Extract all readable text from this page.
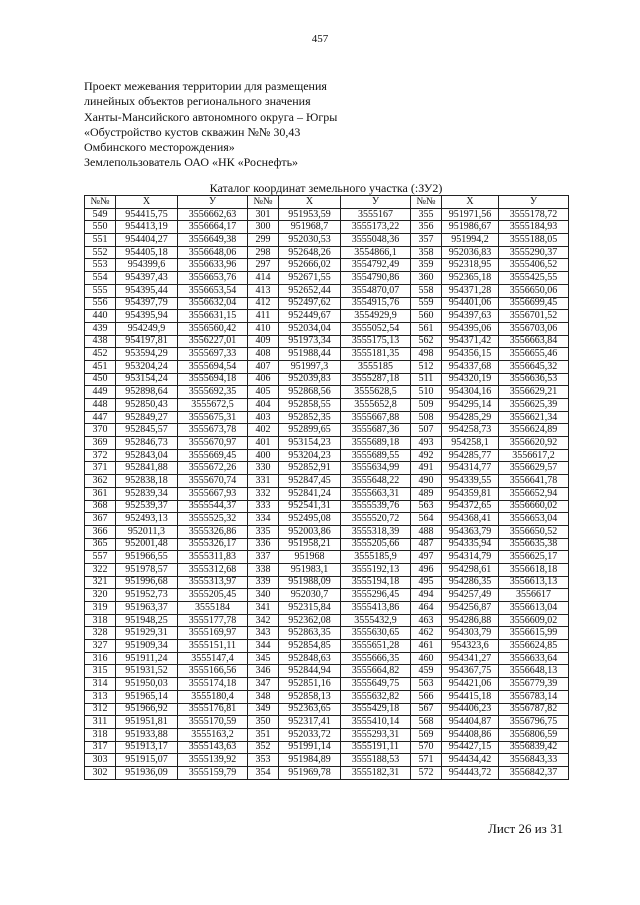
457
Проект межевания территории для размещения
линейных объектов регионального значения
Ханты-Мансийского автономного округа – Югры
«Обустройство кустов скважин №№ 30,43
Омбинского месторождения»
Землепользователь ОАО «НК «Роснефть»
Каталог координат земельного участка (:ЗУ2)
№№	X	У	№№	X	У	№№	X	У
549	954415,75	3556662,63	301	951953,59	3555167	355	951971,56	3555178,72
550	954413,19	3556664,17	300	951968,7	3555173,22	356	951986,67	3555184,93
551	954404,27	3556649,38	299	952030,53	3555048,36	357	951994,2	3555188,05
552	954405,18	3556648,06	298	952648,26	3554866,1	358	952036,83	3555290,37
553	954399,6	3556633,96	297	952666,02	3554792,49	359	952318,95	3555406,52
554	954397,43	3556653,76	414	952671,55	3554790,86	360	952365,18	3555425,55
555	954395,44	3556653,54	413	952652,44	3554870,07	558	954371,28	3556650,06
556	954397,79	3556632,04	412	952497,62	3554915,76	559	954401,06	3556699,45
440	954395,94	3556631,15	411	952449,67	3554929,9	560	954397,63	3556701,52
439	954249,9	3556560,42	410	952034,04	3555052,54	561	954395,06	3556703,06
438	954197,81	3556227,01	409	951973,34	3555175,13	562	954371,42	3556663,84
452	953594,29	3555697,33	408	951988,44	3555181,35	498	954356,15	3556655,46
451	953204,24	3555694,54	407	951997,3	3555185	512	954337,68	3556645,32
450	953154,24	3555694,18	406	952039,83	3555287,18	511	954320,19	3556636,53
449	952898,64	3555692,35	405	952868,56	3555628,5	510	954304,16	3556629,21
448	952850,43	3555672,5	404	952858,55	3555652,8	509	954295,14	3556625,39
447	952849,27	3555675,31	403	952852,35	3555667,88	508	954285,29	3556621,34
370	952845,57	3555673,78	402	952899,65	3555687,36	507	954258,73	3556624,89
369	952846,73	3555670,97	401	953154,23	3555689,18	493	954258,1	3556620,92
372	952843,04	3555669,45	400	953204,23	3555689,55	492	954285,77	3556617,2
371	952841,88	3555672,26	330	952852,91	3555634,99	491	954314,77	3556629,57
362	952838,18	3555670,74	331	952847,45	3555648,22	490	954339,55	3556641,78
361	952839,34	3555667,93	332	952841,24	3555663,31	489	954359,81	3556652,94
368	952539,37	3555544,37	333	952541,31	3555539,76	563	954372,65	3556660,02
367	952493,13	3555525,32	334	952495,08	3555520,72	564	954368,41	3556653,04
366	952011,3	3555326,86	335	952003,86	3555318,39	488	954363,79	3556650,52
365	952001,48	3555326,17	336	951958,21	3555205,66	487	954335,94	3556635,38
557	951966,55	3555311,83	337	951968	3555185,9	497	954314,79	3556625,17
322	951978,57	3555312,68	338	951983,1	3555192,13	496	954298,61	3556618,18
321	951996,68	3555313,97	339	951988,09	3555194,18	495	954286,35	3556613,13
320	951952,73	3555205,45	340	952030,7	3555296,45	494	954257,49	3556617
319	951963,37	3555184	341	952315,84	3555413,86	464	954256,87	3556613,04
318	951948,25	3555177,78	342	952362,08	3555432,9	463	954286,88	3556609,02
328	951929,31	3555169,97	343	952863,35	3555630,65	462	954303,79	3556615,99
327	951909,34	3555151,11	344	952854,85	3555651,28	461	954323,6	3556624,85
316	951911,24	3555147,4	345	952848,63	3555666,35	460	954341,27	3556633,64
315	951931,52	3555166,56	346	952844,94	3555664,82	459	954367,75	3556648,13
314	951950,03	3555174,18	347	952851,16	3555649,75	563	954421,06	3556779,39
313	951965,14	3555180,4	348	952858,13	3555632,82	566	954415,18	3556783,14
312	951966,92	3555176,81	349	952363,65	3555429,18	567	954406,23	3556787,82
311	951951,81	3555170,59	350	952317,41	3555410,14	568	954404,87	3556796,75
318	951933,88	3555163,2	351	952033,72	3555293,31	569	954408,86	3556806,59
317	951913,17	3555143,63	352	951991,14	3555191,11	570	954427,15	3556839,42
303	951915,07	3555139,92	353	951984,89	3555188,53	571	954434,42	3556843,33
302	951936,09	3555159,79	354	951969,78	3555182,31	572	954443,72	3556842,37
Лист 26 из 31
